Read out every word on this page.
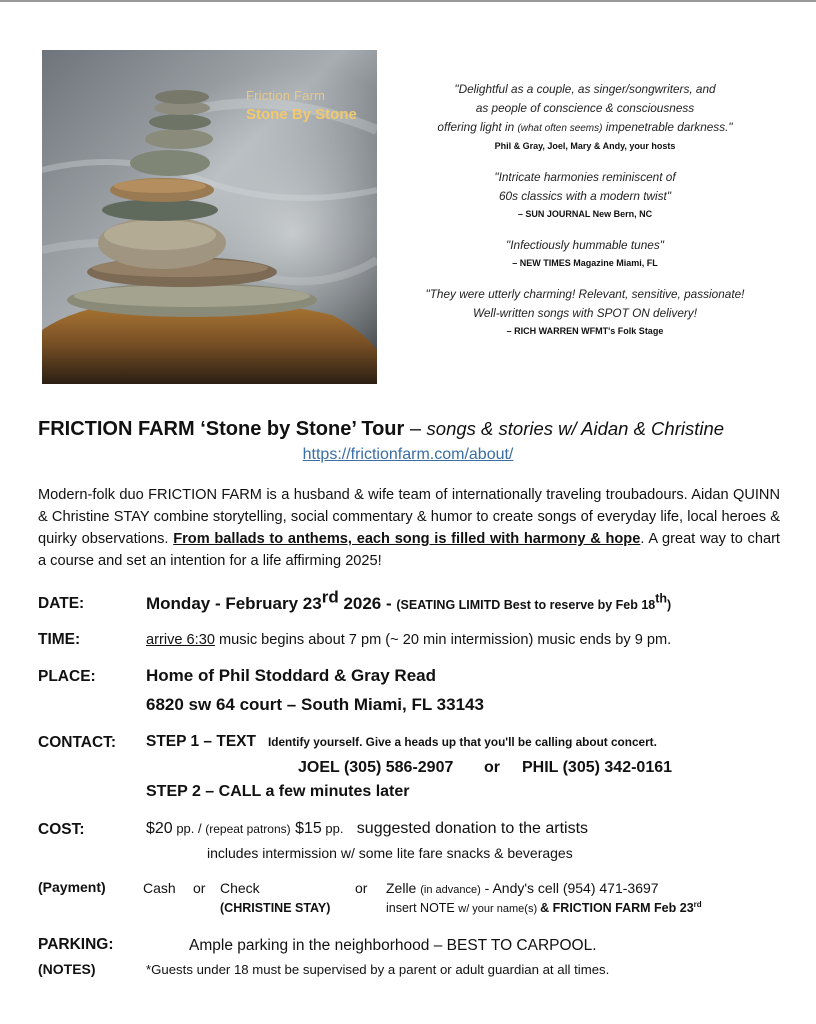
Friction Farm
Stone By Stone
"Delightful as a couple, as singer/songwriters, and
as people of conscience & consciousness
offering light in (what often seems) impenetrable darkness."
Phil & Gray, Joel, Mary & Andy, your hosts
"Intricate harmonies reminiscent of
60s classics with a modern twist"
– SUN JOURNAL New Bern, NC
"Infectiously hummable tunes"
– NEW TIMES Magazine Miami, FL
"They were utterly charming! Relevant, sensitive, passionate!
Well-written songs with SPOT ON delivery!
– RICH WARREN WFMT's Folk Stage
FRICTION FARM ‘Stone by Stone’ Tour – songs & stories w/ Aidan & Christine
https://frictionfarm.com/about/
Modern-folk duo FRICTION FARM is a husband & wife team of internationally traveling troubadours. Aidan QUINN & Christine STAY combine storytelling, social commentary & humor to create songs of everyday life, local heroes & quirky observations. From ballads to anthems, each song is filled with harmony & hope. A great way to chart a course and set an intention for a life affirming 2025!
DATE:	Monday - February 23rd 2026 - (SEATING LIMITD Best to reserve by Feb 18th)
TIME:	arrive 6:30 music begins about 7 pm (~ 20 min intermission) music ends by 9 pm.
PLACE:	Home of Phil Stoddard & Gray Read
6820 sw 64 court – South Miami, FL 33143
CONTACT: STEP 1 – TEXT Identify yourself. Give a heads up that you'll be calling about concert.
JOEL (305) 586-2907 or PHIL (305) 342-0161
STEP 2 – CALL a few minutes later
COST:	$20 pp. / (repeat patrons) $15 pp.   suggested donation to the artists
includes intermission w/ some lite fare snacks & beverages
(Payment)	Cash or Check	or Zelle (in advance) - Andy's cell (954) 471-3697
(CHRISTINE STAY)	insert NOTE w/ your name(s) & FRICTION FARM Feb 23rd
PARKING:	Ample parking in the neighborhood – BEST TO CARPOOL.
(NOTES)	*Guests under 18 must be supervised by a parent or adult guardian at all times.
